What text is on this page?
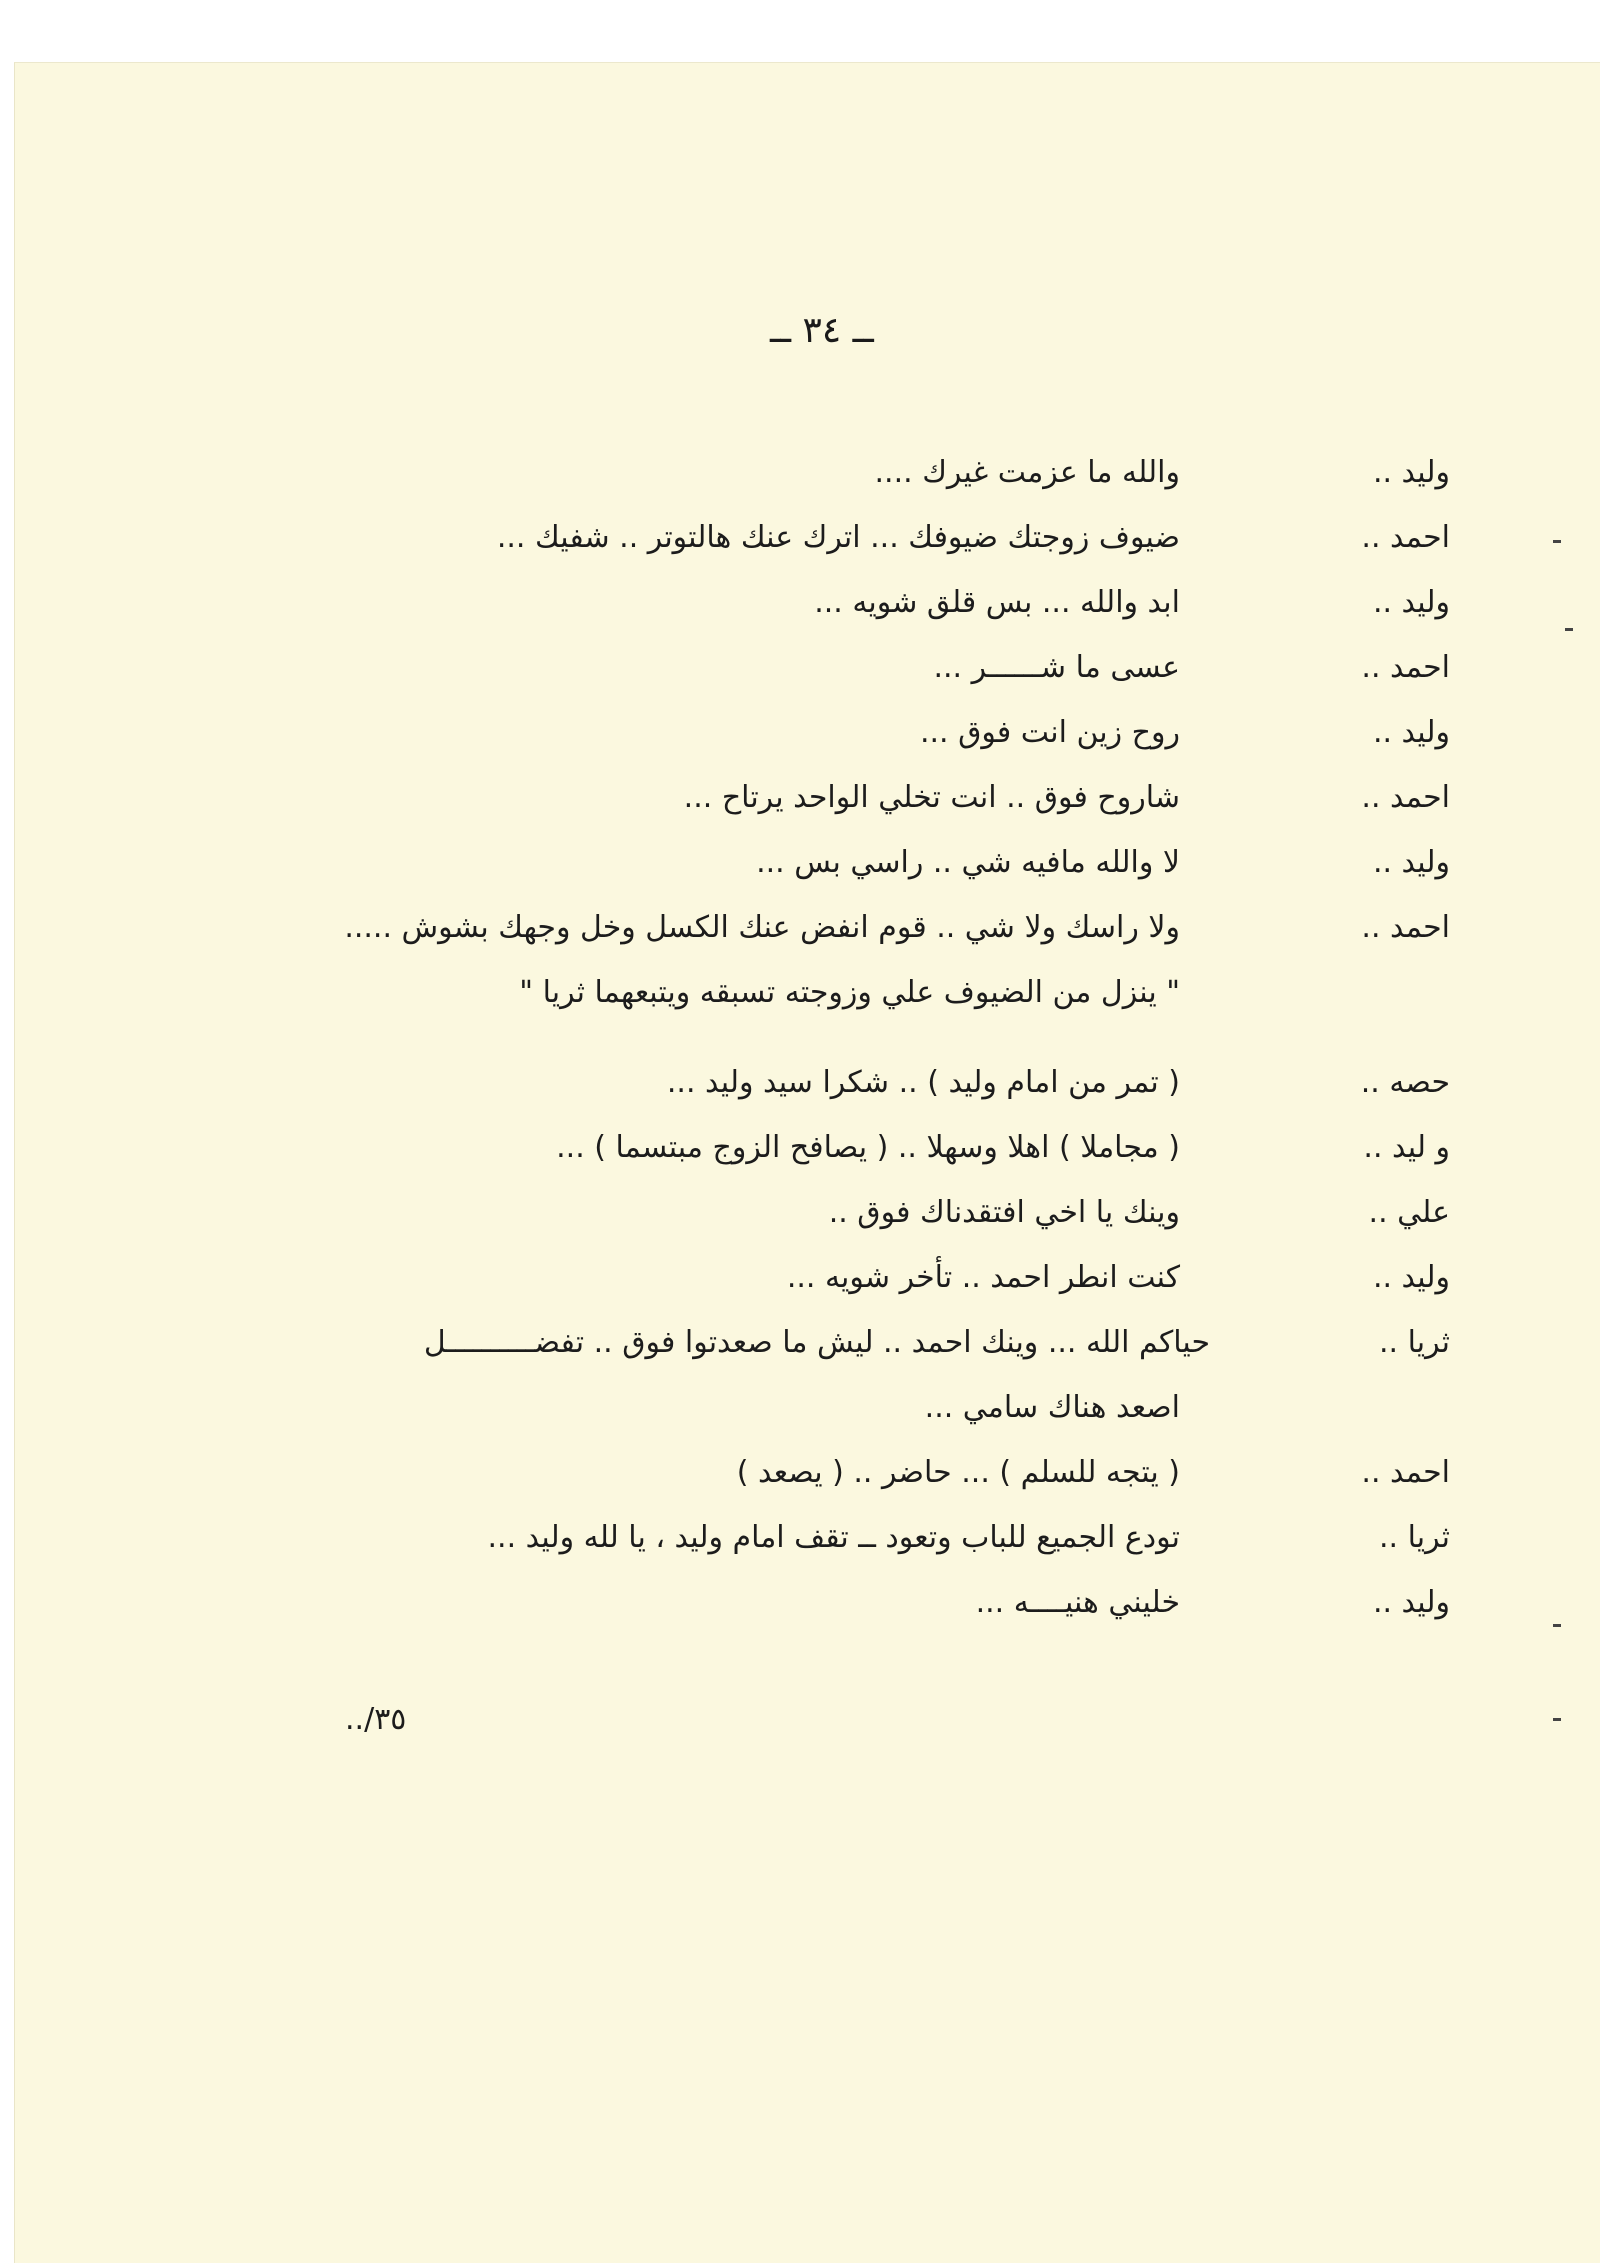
ــ ٣٤ ــ
وليد ..
والله ما عزمت غيرك ....
احمد ..
ضيوف زوجتك ضيوفك ... اترك عنك هالتوتر .. شفيك ...
وليد ..
ابد والله ... بس قلق شويه ...
احمد ..
عسى ما شــــــر ...
وليد ..
روح زين انت فوق ...
احمد ..
شاروح فوق .. انت تخلي الواحد يرتاح ...
وليد ..
لا والله مافيه شي .. راسي بس ...
احمد ..
ولا راسك ولا شي .. قوم انفض عنك الكسل وخل وجهك بشوش .....
" ينزل من الضيوف علي وزوجته تسبقه ويتبعهما ثريا "
حصه ..
( تمر من امام وليد ) .. شكرا سيد وليد ...
و ليد ..
( مجاملا ) اهلا وسهلا .. ( يصافح الزوج مبتسما ) ...
علي ..
وينك يا اخي افتقدناك فوق ..
وليد ..
كنت انطر احمد .. تأخر شويه ...
ثريا ..
حياكم الله ... وينك احمد .. ليش ما صعدتوا فوق .. تفضــــــــــل
اصعد هناك سامي ...
احمد ..
( يتجه للسلم ) ... حاضر .. ( يصعد )
ثريا ..
تودع الجميع للباب وتعود ــ تقف امام وليد ، يا لله وليد ...
وليد ..
خليني هنيــــه ...
٣٥/..
